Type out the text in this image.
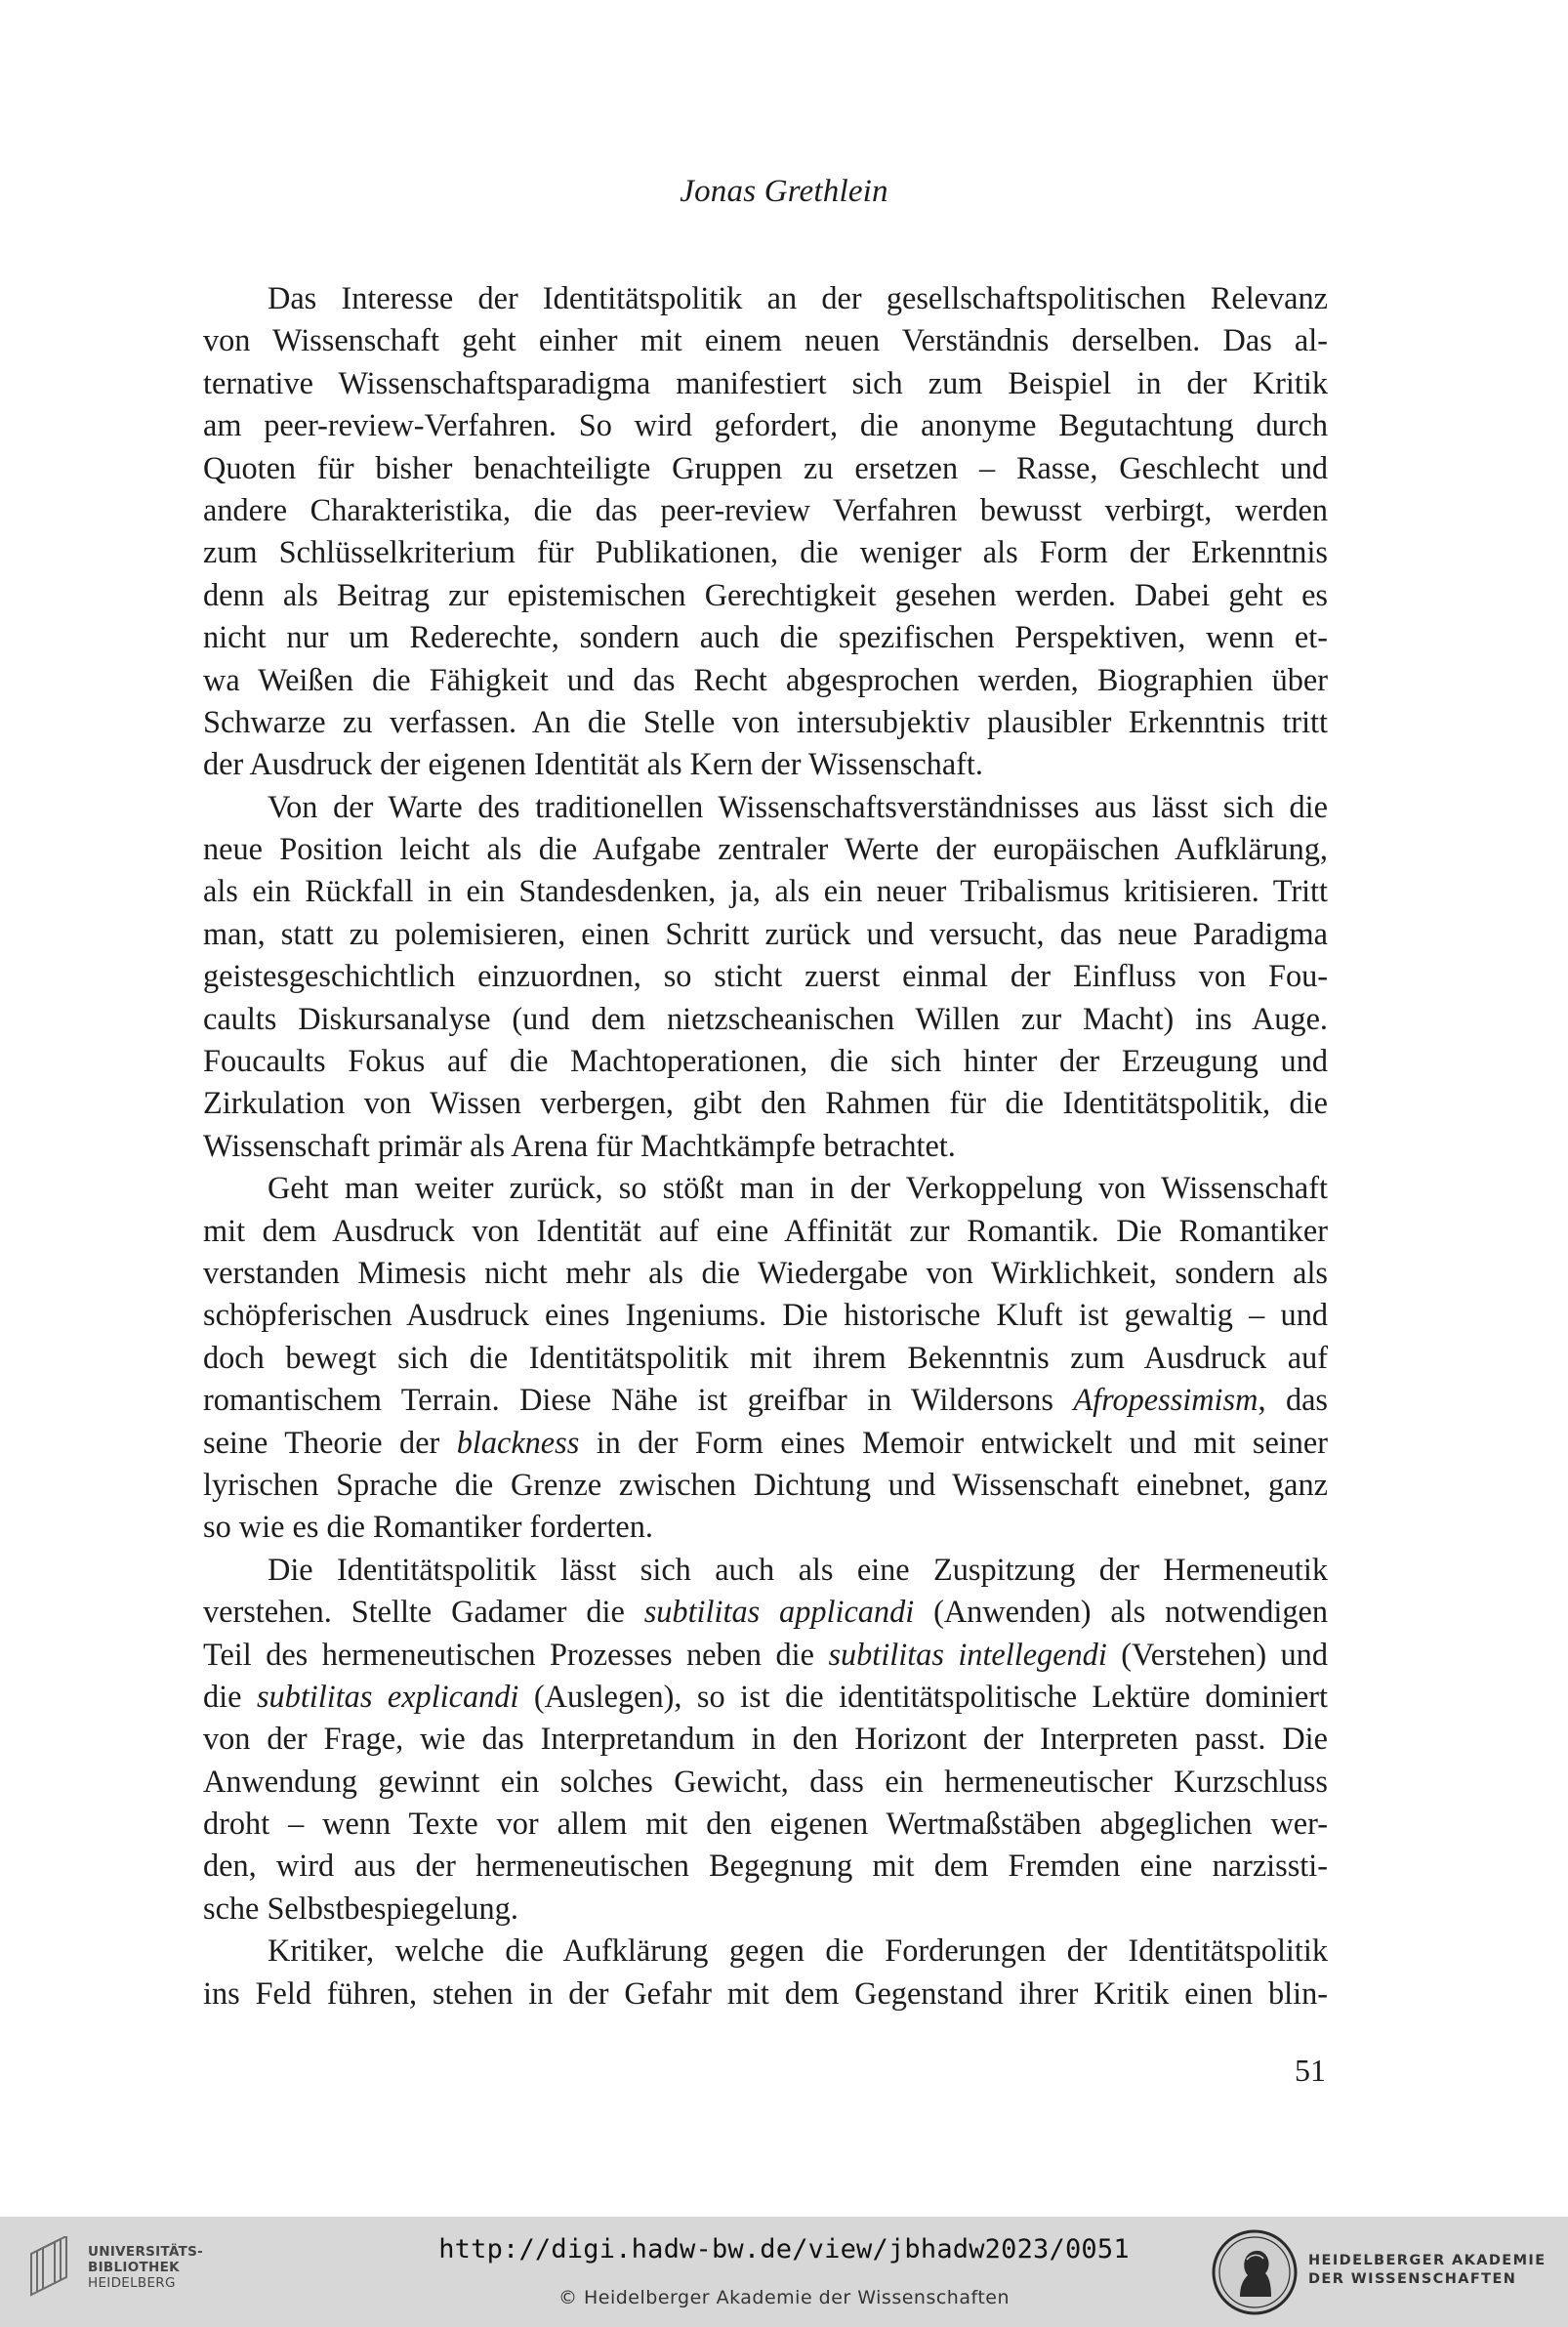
Jonas Grethlein
Das Interesse der Identitätspolitik an der gesellschaftspolitischen Relevanz
von Wissenschaft geht einher mit einem neuen Verständnis derselben. Das al-
ternative Wissenschaftsparadigma manifestiert sich zum Beispiel in der Kritik
am peer-review-Verfahren. So wird gefordert, die anonyme Begutachtung durch
Quoten für bisher benachteiligte Gruppen zu ersetzen – Rasse, Geschlecht und
andere Charakteristika, die das peer-review Verfahren bewusst verbirgt, werden
zum Schlüsselkriterium für Publikationen, die weniger als Form der Erkenntnis
denn als Beitrag zur epistemischen Gerechtigkeit gesehen werden. Dabei geht es
nicht nur um Rederechte, sondern auch die spezifischen Perspektiven, wenn et-
wa Weißen die Fähigkeit und das Recht abgesprochen werden, Biographien über
Schwarze zu verfassen. An die Stelle von intersubjektiv plausibler Erkenntnis tritt
der Ausdruck der eigenen Identität als Kern der Wissenschaft.
Von der Warte des traditionellen Wissenschaftsverständnisses aus lässt sich die
neue Position leicht als die Aufgabe zentraler Werte der europäischen Aufklärung,
als ein Rückfall in ein Standesdenken, ja, als ein neuer Tribalismus kritisieren. Tritt
man, statt zu polemisieren, einen Schritt zurück und versucht, das neue Paradigma
geistesgeschichtlich einzuordnen, so sticht zuerst einmal der Einfluss von Fou-
caults Diskursanalyse (und dem nietzscheanischen Willen zur Macht) ins Auge.
Foucaults Fokus auf die Machtoperationen, die sich hinter der Erzeugung und
Zirkulation von Wissen verbergen, gibt den Rahmen für die Identitätspolitik, die
Wissenschaft primär als Arena für Machtkämpfe betrachtet.
Geht man weiter zurück, so stößt man in der Verkoppelung von Wissenschaft
mit dem Ausdruck von Identität auf eine Affinität zur Romantik. Die Romantiker
verstanden Mimesis nicht mehr als die Wiedergabe von Wirklichkeit, sondern als
schöpferischen Ausdruck eines Ingeniums. Die historische Kluft ist gewaltig – und
doch bewegt sich die Identitätspolitik mit ihrem Bekenntnis zum Ausdruck auf
romantischem Terrain. Diese Nähe ist greifbar in Wildersons Afropessimism, das
seine Theorie der blackness in der Form eines Memoir entwickelt und mit seiner
lyrischen Sprache die Grenze zwischen Dichtung und Wissenschaft einebnet, ganz
so wie es die Romantiker forderten.
Die Identitätspolitik lässt sich auch als eine Zuspitzung der Hermeneutik
verstehen. Stellte Gadamer die subtilitas applicandi (Anwenden) als notwendigen
Teil des hermeneutischen Prozesses neben die subtilitas intellegendi (Verstehen) und
die subtilitas explicandi (Auslegen), so ist die identitätspolitische Lektüre dominiert
von der Frage, wie das Interpretandum in den Horizont der Interpreten passt. Die
Anwendung gewinnt ein solches Gewicht, dass ein hermeneutischer Kurzschluss
droht – wenn Texte vor allem mit den eigenen Wertmaßstäben abgeglichen wer-
den, wird aus der hermeneutischen Begegnung mit dem Fremden eine narzissti-
sche Selbstbespiegelung.
Kritiker, welche die Aufklärung gegen die Forderungen der Identitätspolitik
ins Feld führen, stehen in der Gefahr mit dem Gegenstand ihrer Kritik einen blin-
51
UNIVERSITÄTS-
BIBLIOTHEK
HEIDELBERG
http://digi.hadw-bw.de/view/jbhadw2023/0051
© Heidelberger Akademie der Wissenschaften
HEIDELBERGER AKADEMIE
DER WISSENSCHAFTEN
